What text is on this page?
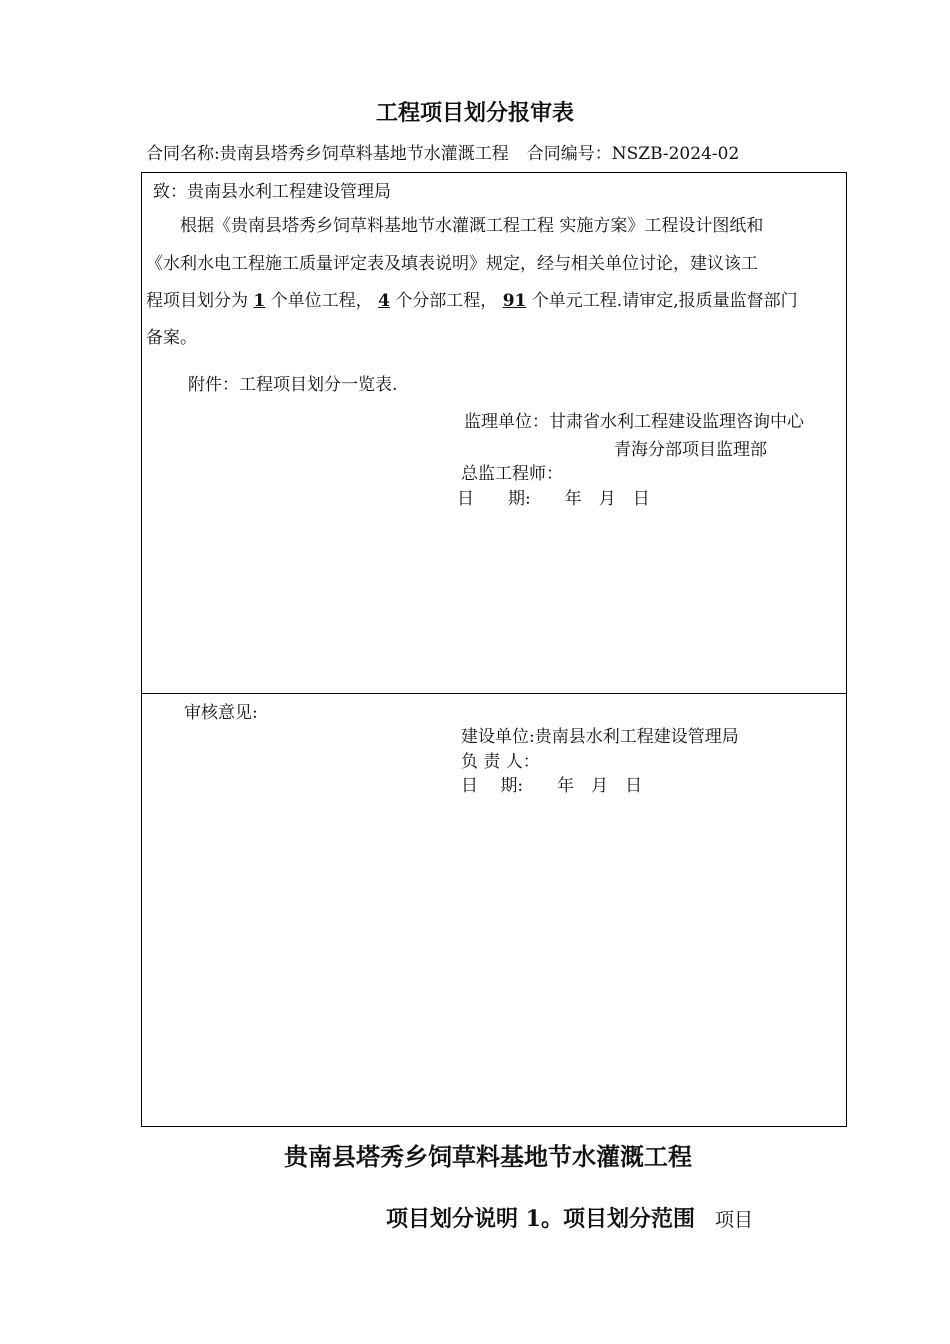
工程项目划分报审表
合同名称:贵南县塔秀乡饲草料基地节水灌溉工程 合同编号：NSZB-2024-02
致：贵南县水利工程建设管理局
根据《贵南县塔秀乡饲草料基地节水灌溉工程工程 实施方案》工程设计图纸和
《水利水电工程施工质量评定表及填表说明》规定，经与相关单位讨论，建议该工
程项目划分为 1 个单位工程， 4 个分部工程， 91 个单元工程.请审定,报质量监督部门
备案。
附件：工程项目划分一览表.
监理单位：甘肃省水利工程建设监理咨询中心
青海分部项目监理部
总监工程师：
日　　期:　　年　月　日
审核意见:
建设单位:贵南县水利工程建设管理局
负 责 人：
日　 期:　　年　月　日
贵南县塔秀乡饲草料基地节水灌溉工程
项目划分说明 1。项目划分范围 项目
